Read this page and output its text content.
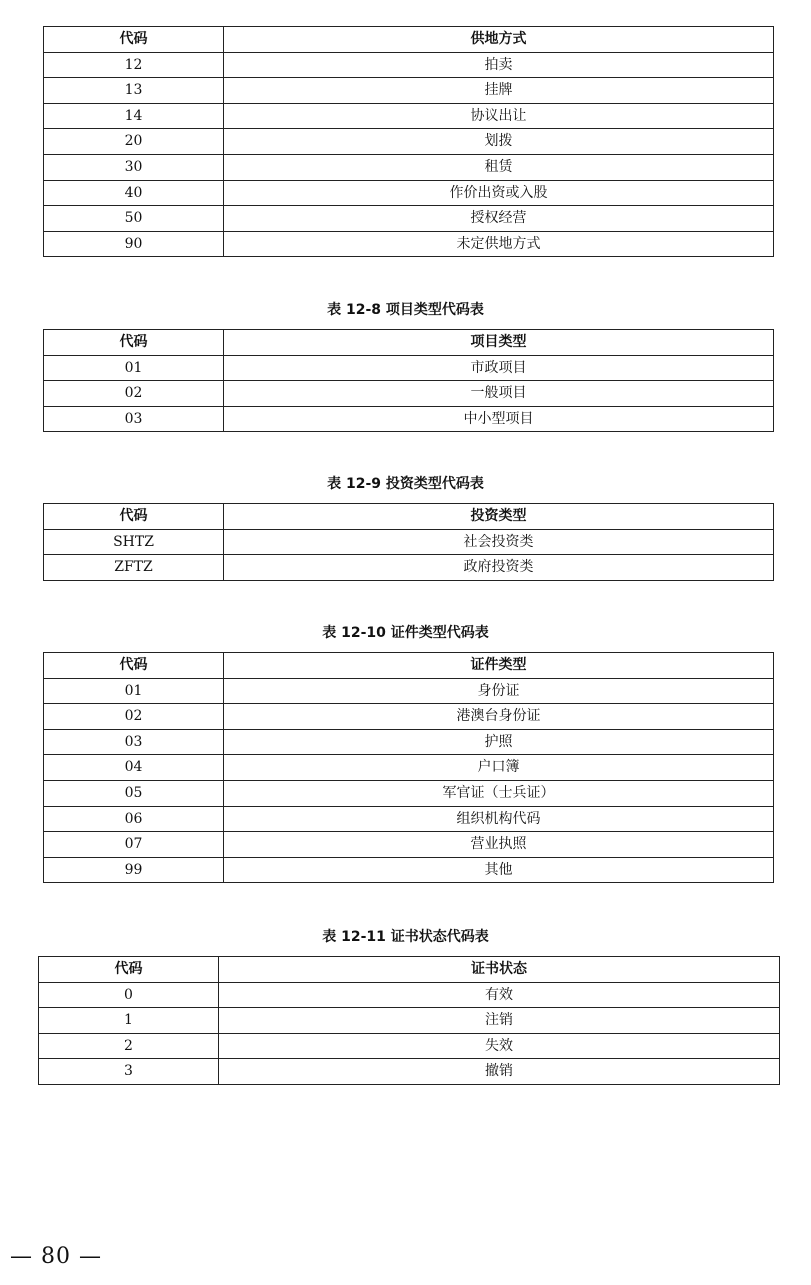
代码	供地方式
12	拍卖
13	挂牌
14	协议出让
20	划拨
30	租赁
40	作价出资或入股
50	授权经营
90	未定供地方式
表 12-8 项目类型代码表
代码	项目类型
01	市政项目
02	一般项目
03	中小型项目
表 12-9 投资类型代码表
代码	投资类型
SHTZ	社会投资类
ZFTZ	政府投资类
表 12-10 证件类型代码表
代码	证件类型
01	身份证
02	港澳台身份证
03	护照
04	户口簿
05	军官证（士兵证）
06	组织机构代码
07	营业执照
99	其他
表 12-11 证书状态代码表
代码	证书状态
0	有效
1	注销
2	失效
3	撤销
— 80 —
